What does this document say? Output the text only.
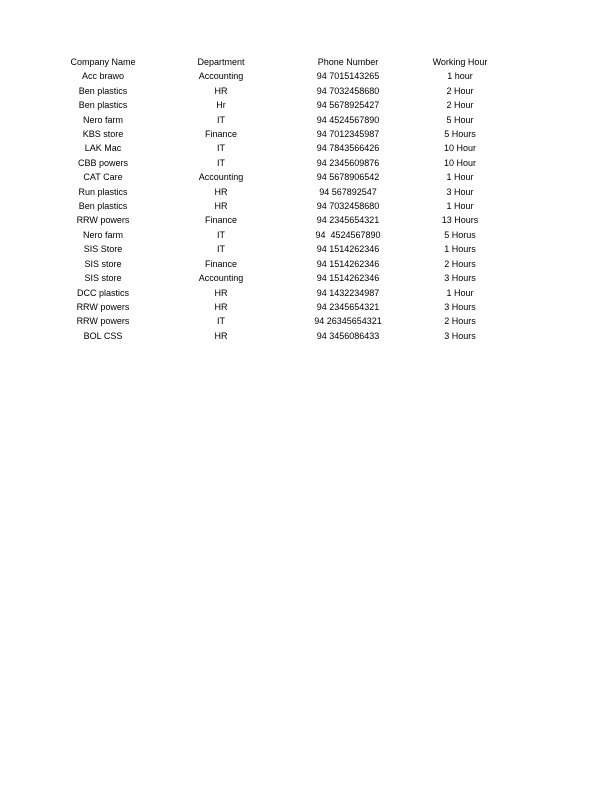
Company Name	Department	Phone Number	Working Hour
Acc brawo	Accounting	94 7015143265	1 hour
Ben plastics	HR	94 7032458680	2 Hour
Ben plastics	Hr	94 5678925427	2 Hour
Nero farm	IT	94 4524567890	5 Hour
KBS store	Finance	94 7012345987	5 Hours
LAK Mac	IT	94 7843566426	10 Hour
CBB powers	IT	94 2345609876	10 Hour
CAT Care	Accounting	94 5678906542	1 Hour
Run plastics	HR	94 567892547	3 Hour
Ben plastics	HR	94 7032458680	1 Hour
RRW powers	Finance	94 2345654321	13 Hours
Nero farm	IT	94  4524567890	5 Horus
SIS Store	IT	94 1514262346	1 Hours
SIS store	Finance	94 1514262346	2 Hours
SIS store	Accounting	94 1514262346	3 Hours
DCC plastics	HR	94 1432234987	1 Hour
RRW powers	HR	94 2345654321	3 Hours
RRW powers	IT	94 26345654321	2 Hours
BOL CSS	HR	94 3456086433	3 Hours
